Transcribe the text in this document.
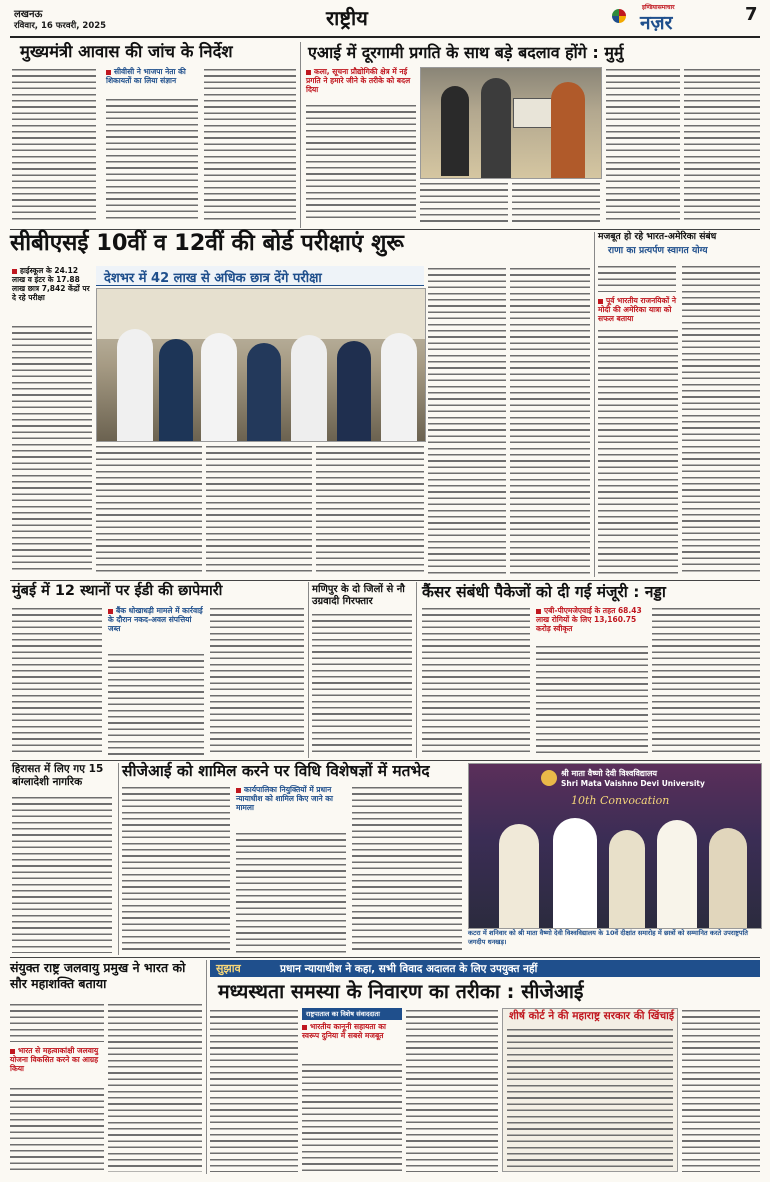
लखनऊ
रविवार, 16 फरवरी, 2025	राष्ट्रीय	इण्डियासमाचार
नज़र	7
मुख्यमंत्री आवास की जांच के निर्देश
सीवीसी ने भाजपा नेता की शिकायतों का लिया संज्ञान
एआई में दूरगामी प्रगति के साथ बड़े बदलाव होंगे : मुर्मु
कला, सूचना प्रौद्योगिकी क्षेत्र में नई प्रगति ने हमारे जीने के तरीके को बदल दिया
सीबीएसई 10वीं व 12वीं की बोर्ड परीक्षाएं शुरू
हाईस्कूल के 24.12 लाख व इंटर के 17.88 लाख छात्र 7,842 केंद्रों पर दे रहे परीक्षा
देशभर में 42 लाख से अधिक छात्र देंगे परीक्षा
मजबूत हो रहे भारत-अमेरिका संबंध
राणा का प्रत्यर्पण स्वागत योग्य
पूर्व भारतीय राजनयिकों ने मोदी की अमेरिका यात्रा को सफल बताया
मुंबई में 12 स्थानों पर ईडी की छापेमारी
बैंक धोखाधड़ी मामले में कार्रवाई के दौरान नकद-अवल संपत्तियां जब्त
मणिपुर के दो जिलों से नौ उग्रवादी गिरफ्तार
कैंसर संबंधी पैकेजों को दी गई मंजूरी : नड्डा
एबी-पीएमजेएवाई के तहत 68.43 लाख रोगियों के लिए 13,160.75 करोड़ स्वीकृत
हिरासत में लिए गए 15 बांग्लादेशी नागरिक
सीजेआई को शामिल करने पर विधि विशेषज्ञों में मतभेद
कार्यपालिका नियुक्तियों में प्रधान न्यायाधीश को शामिल किए जाने का मामला
श्री माता वैष्णो देवी विश्वविद्यालय
Shri Mata Vaishno Devi University
10th Convocation
कटरा में शनिवार को श्री माता वैष्णो देवी विश्वविद्यालय के 10वें दीक्षांत समारोह में छात्रों को सम्मानित करते उपराष्ट्रपति जगदीप धनखड़।
संयुक्त राष्ट्र जलवायु प्रमुख ने भारत को सौर महाशक्ति बताया
भारत से महत्वाकांक्षी जलवायु योजना विकसित करने का आग्रह किया
सुझाव	प्रधान न्यायाधीश ने कहा, सभी विवाद अदालत के लिए उपयुक्त नहीं
मध्यस्थता समस्या के निवारण का तरीका : सीजेआई
राष्ट्रपाताल का विशेष संवाददाता
भारतीय कानूनी सहायता का स्वरूप दुनिया में सबसे मजबूत
शीर्ष कोर्ट ने की महाराष्ट्र सरकार की खिंचाई
